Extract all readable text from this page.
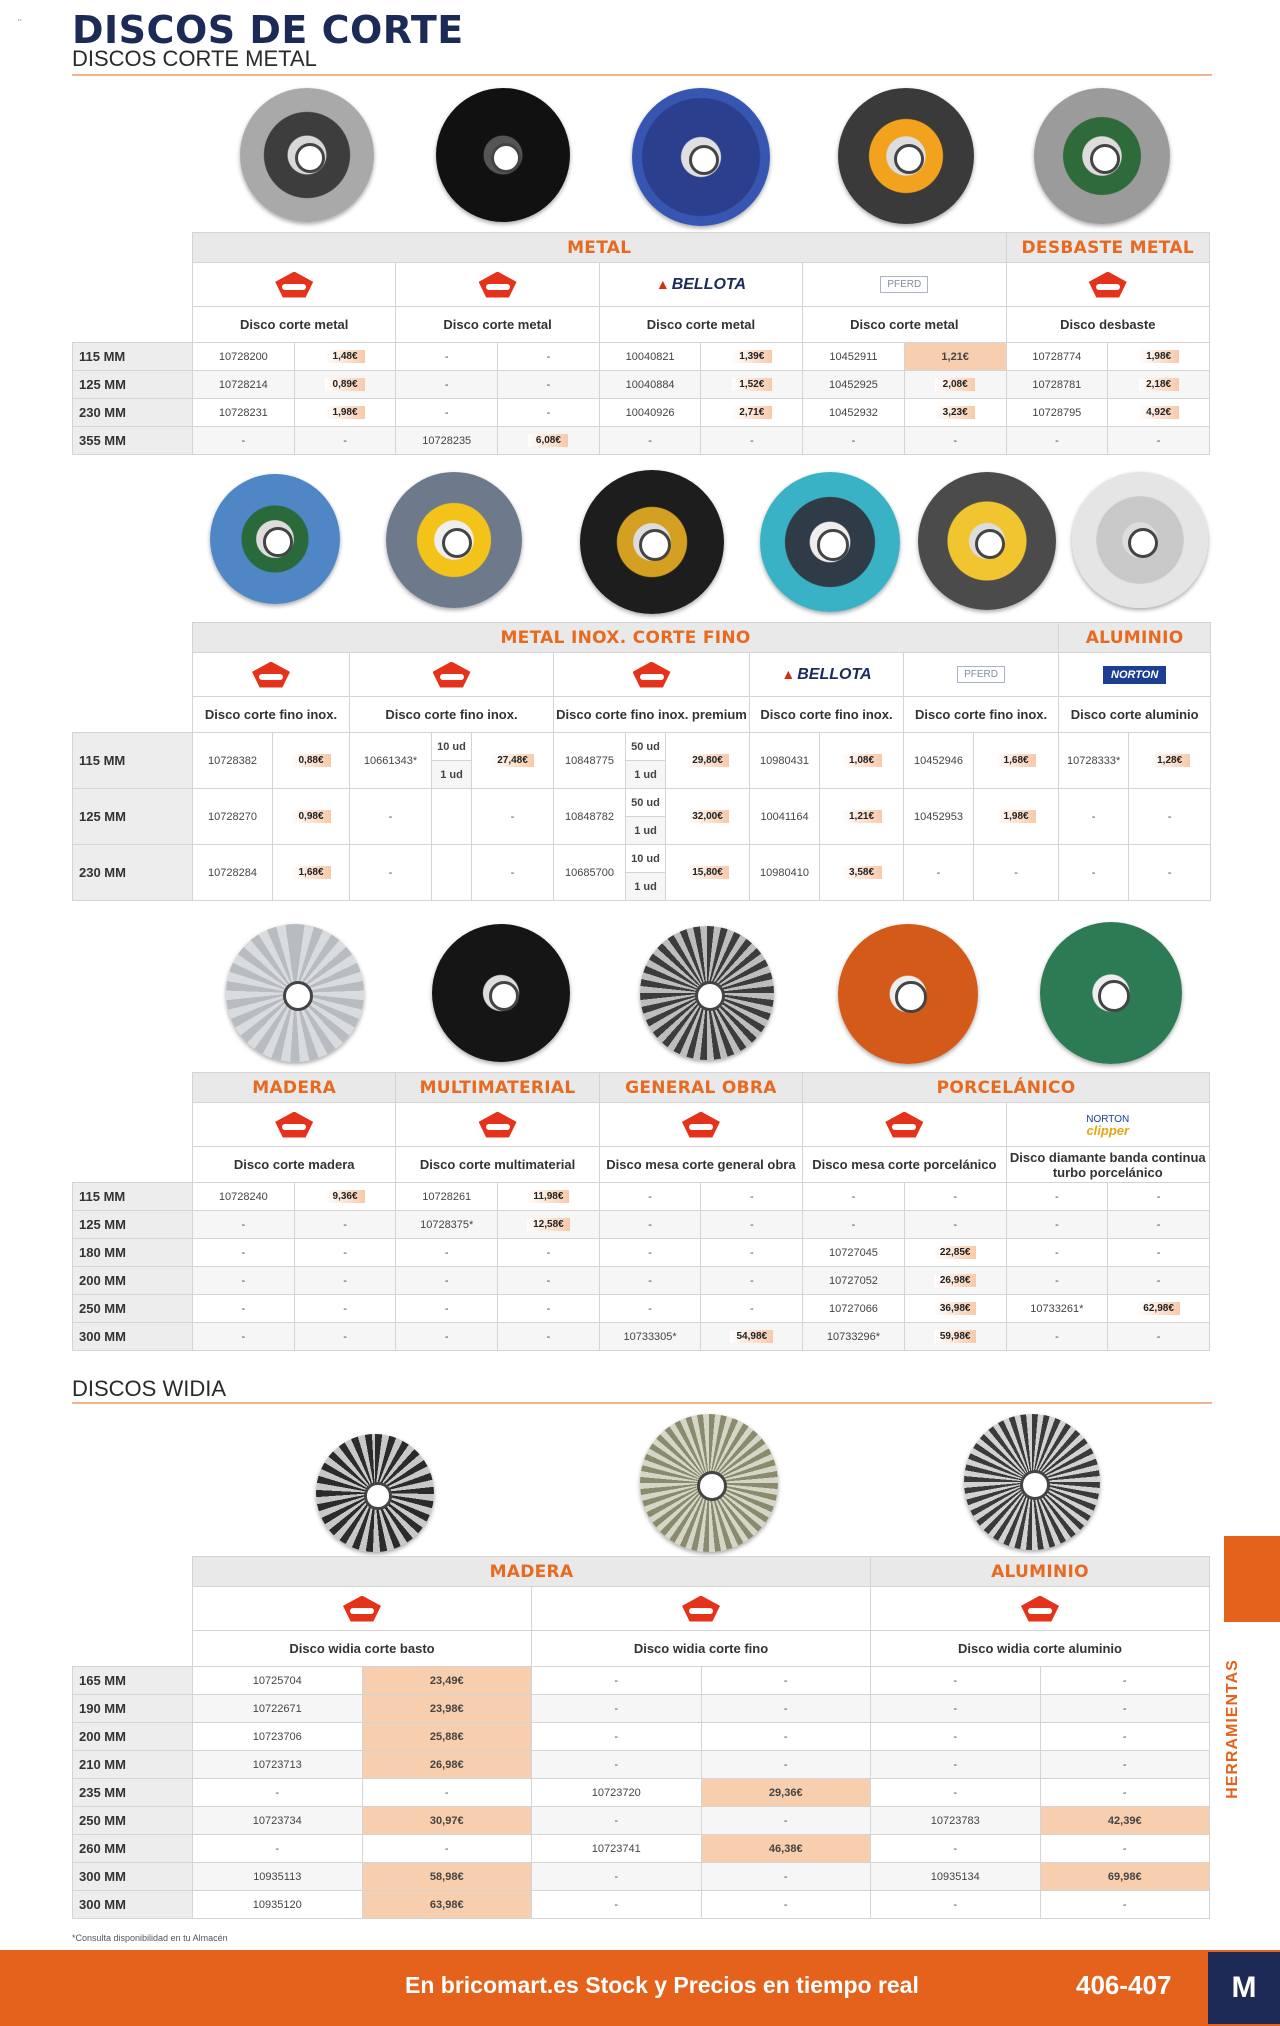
¨ DISCOS DE CORTE
DISCOS CORTE METAL
	METAL								DESBASTE METAL	
					▲ BELLOTA		PFERD			
	Disco corte metal		Disco corte metal		Disco corte metal		Disco corte metal		Disco desbaste	
115 MM	10728200	1,48€	-	-	10040821	1,39€	10452911	1,21€	10728774	1,98€
125 MM	10728214	0,89€	-	-	10040884	1,52€	10452925	2,08€	10728781	2,18€
230 MM	10728231	1,98€	-	-	10040926	2,71€	10452932	3,23€	10728795	4,92€
355 MM	-	-	10728235	6,08€	-	-	-	-	-	-
	METAL INOX. CORTE FINO												ALUMINIO	
									▲ BELLOTA		PFERD		NORTON	
	Disco corte fino inox.		Disco corte fino inox.			Disco corte fino inox. premium			Disco corte fino inox.		Disco corte fino inox.		Disco corte aluminio	
115 MM	10728382	0,88€	10661343*	10 ud	27,48€	10848775	50 ud	29,80€	10980431	1,08€	10452946	1,68€	10728333*	1,28€
				1 ud			1 ud							
125 MM	10728270	0,98€	-		-	10848782	50 ud	32,00€	10041164	1,21€	10452953	1,98€	-	-
							1 ud							
230 MM	10728284	1,68€	-		-	10685700	10 ud	15,80€	10980410	3,58€	-	-	-	-
							1 ud							
	MADERA		MULTIMATERIAL		GENERAL OBRA		PORCELÁNICO			
									NORTON
clipper	

	Disco corte madera		Disco corte multimaterial		Disco mesa corte general obra		Disco mesa corte porcelánico		Disco diamante banda continua turbo porcelánico	
115 MM	10728240	9,36€	10728261	11,98€	-	-	-	-	-	-
125 MM	-	-	10728375*	12,58€	-	-	-	-	-	-
180 MM	-	-	-	-	-	-	10727045	22,85€	-	-
200 MM	-	-	-	-	-	-	10727052	26,98€	-	-
250 MM	-	-	-	-	-	-	10727066	36,98€	10733261*	62,98€
300 MM	-	-	-	-	10733305*	54,98€	10733296*	59,98€	-	-
DISCOS WIDIA
	MADERA				ALUMINIO	

	Disco widia corte basto		Disco widia corte fino		Disco widia corte aluminio	
165 MM	10725704	23,49€	-	-	-	-
190 MM	10722671	23,98€	-	-	-	-
200 MM	10723706	25,88€	-	-	-	-
210 MM	10723713	26,98€	-	-	-	-
235 MM	-	-	10723720	29,36€	-	-
250 MM	10723734	30,97€	-	-	10723783	42,39€
260 MM	-	-	10723741	46,38€	-	-
300 MM	10935113	58,98€	-	-	10935134	69,98€
300 MM	10935120	63,98€	-	-	-	-
*Consulta disponibilidad en tu Almacén
HERRAMIENTAS
En bricomart.es Stock y Precios en tiempo real	406-407	M
